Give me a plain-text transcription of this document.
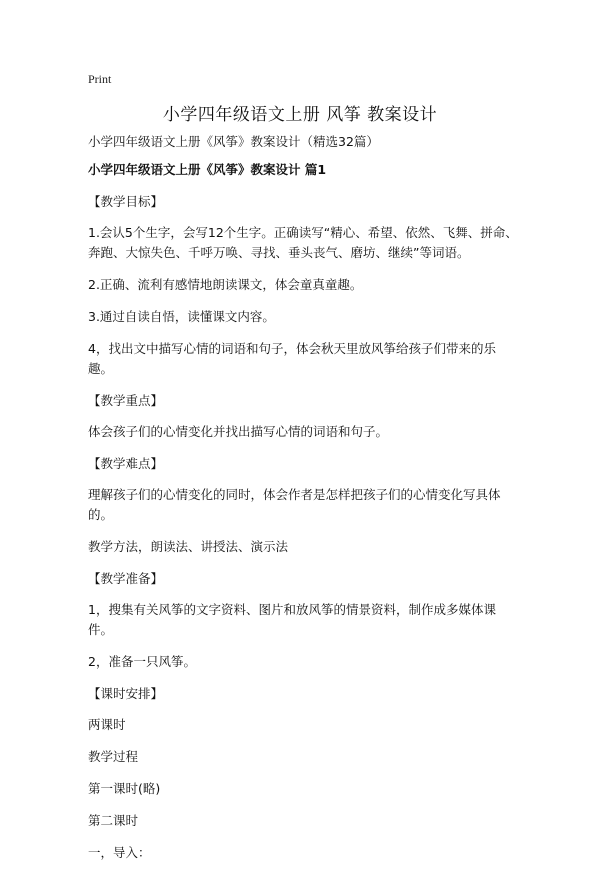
Print
小学四年级语文上册 风筝 教案设计

小学四年级语文上册《风筝》教案设计（精选32篇）

小学四年级语文上册《风筝》教案设计 篇1

【教学目标】

1.会认5个生字，会写12个生字。正确读写“精心、希望、依然、飞舞、拼命、奔跑、大惊失色、千呼万唤、寻找、垂头丧气、磨坊、继续”等词语。

2.正确、流利有感情地朗读课文，体会童真童趣。

3.通过自读自悟，读懂课文内容。

4，找出文中描写心情的词语和句子，体会秋天里放风筝给孩子们带来的乐趣。

【教学重点】

体会孩子们的心情变化并找出描写心情的词语和句子。

【教学难点】

理解孩子们的心情变化的同时，体会作者是怎样把孩子们的心情变化写具体的。

教学方法，朗读法、讲授法、演示法

【教学准备】

1，搜集有关风筝的文字资料、图片和放风筝的情景资料，制作成多媒体课件。

2，准备一只风筝。

【课时安排】

两课时

教学过程

第一课时(略)

第二课时

一，导入：
